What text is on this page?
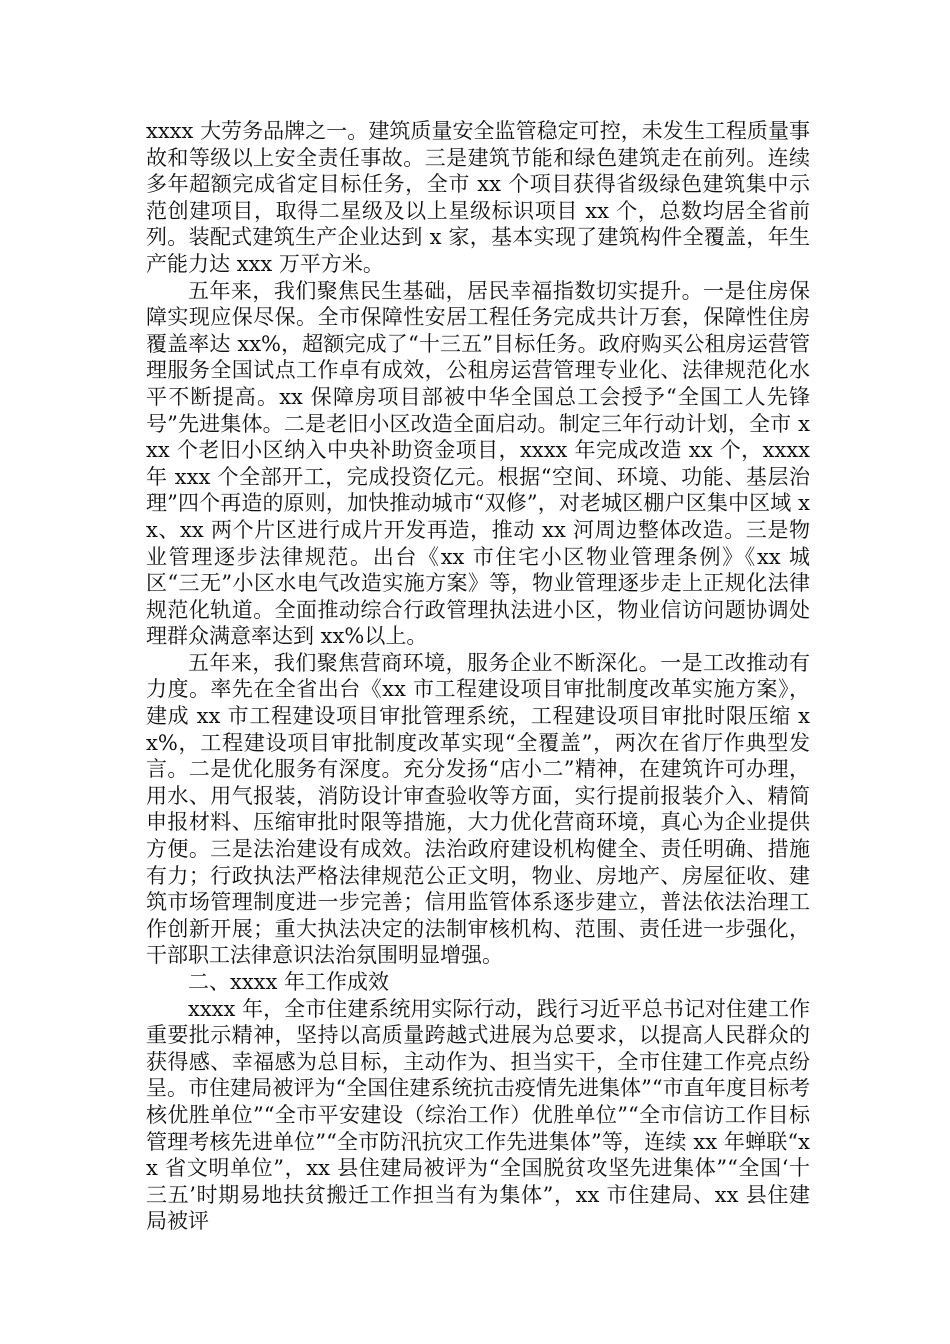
xxxx 大劳务品牌之一。建筑质量安全监管稳定可控，未发生工程质量事故和等级以上安全责任事故。三是建筑节能和绿色建筑走在前列。连续多年超额完成省定目标任务，全市 xx 个项目获得省级绿色建筑集中示范创建项目，取得二星级及以上星级标识项目 xx 个，总数均居全省前列。装配式建筑生产企业达到 x 家，基本实现了建筑构件全覆盖，年生产能力达 xxx 万平方米。

五年来，我们聚焦民生基础，居民幸福指数切实提升。一是住房保障实现应保尽保。全市保障性安居工程任务完成共计万套，保障性住房覆盖率达 xx%，超额完成了“十三五”目标任务。政府购买公租房运营管理服务全国试点工作卓有成效，公租房运营管理专业化、法律规范化水平不断提高。xx 保障房项目部被中华全国总工会授予“全国工人先锋号”先进集体。二是老旧小区改造全面启动。制定三年行动计划，全市 xxx 个老旧小区纳入中央补助资金项目，xxxx 年完成改造 xx 个，xxxx 年 xxx 个全部开工，完成投资亿元。根据“空间、环境、功能、基层治理”四个再造的原则，加快推动城市“双修”，对老城区棚户区集中区域 xx、xx 两个片区进行成片开发再造，推动 xx 河周边整体改造。三是物业管理逐步法律规范。出台《xx 市住宅小区物业管理条例》《xx 城区“三无”小区水电气改造实施方案》等，物业管理逐步走上正规化法律规范化轨道。全面推动综合行政管理执法进小区，物业信访问题协调处理群众满意率达到 xx%以上。

五年来，我们聚焦营商环境，服务企业不断深化。一是工改推动有力度。率先在全省出台《xx 市工程建设项目审批制度改革实施方案》，建成 xx 市工程建设项目审批管理系统，工程建设项目审批时限压缩 xx%，工程建设项目审批制度改革实现“全覆盖”，两次在省厅作典型发言。二是优化服务有深度。充分发扬“店小二”精神，在建筑许可办理，用水、用气报装，消防设计审查验收等方面，实行提前报装介入、精简申报材料、压缩审批时限等措施，大力优化营商环境，真心为企业提供方便。三是法治建设有成效。法治政府建设机构健全、责任明确、措施有力；行政执法严格法律规范公正文明，物业、房地产、房屋征收、建筑市场管理制度进一步完善；信用监管体系逐步建立，普法依法治理工作创新开展；重大执法决定的法制审核机构、范围、责任进一步强化，干部职工法律意识法治氛围明显增强。

二、xxxx 年工作成效

xxxx 年，全市住建系统用实际行动，践行习近平总书记对住建工作重要批示精神，坚持以高质量跨越式进展为总要求，以提高人民群众的获得感、幸福感为总目标，主动作为、担当实干，全市住建工作亮点纷呈。市住建局被评为“全国住建系统抗击疫情先进集体”“市直年度目标考核优胜单位”“全市平安建设（综治工作）优胜单位”“全市信访工作目标管理考核先进单位”“全市防汛抗灾工作先进集体”等，连续 xx 年蝉联“xx 省文明单位”，xx 县住建局被评为“全国脱贫攻坚先进集体”“全国‘十三五’时期易地扶贫搬迁工作担当有为集体”，xx 市住建局、xx 县住建局被评
